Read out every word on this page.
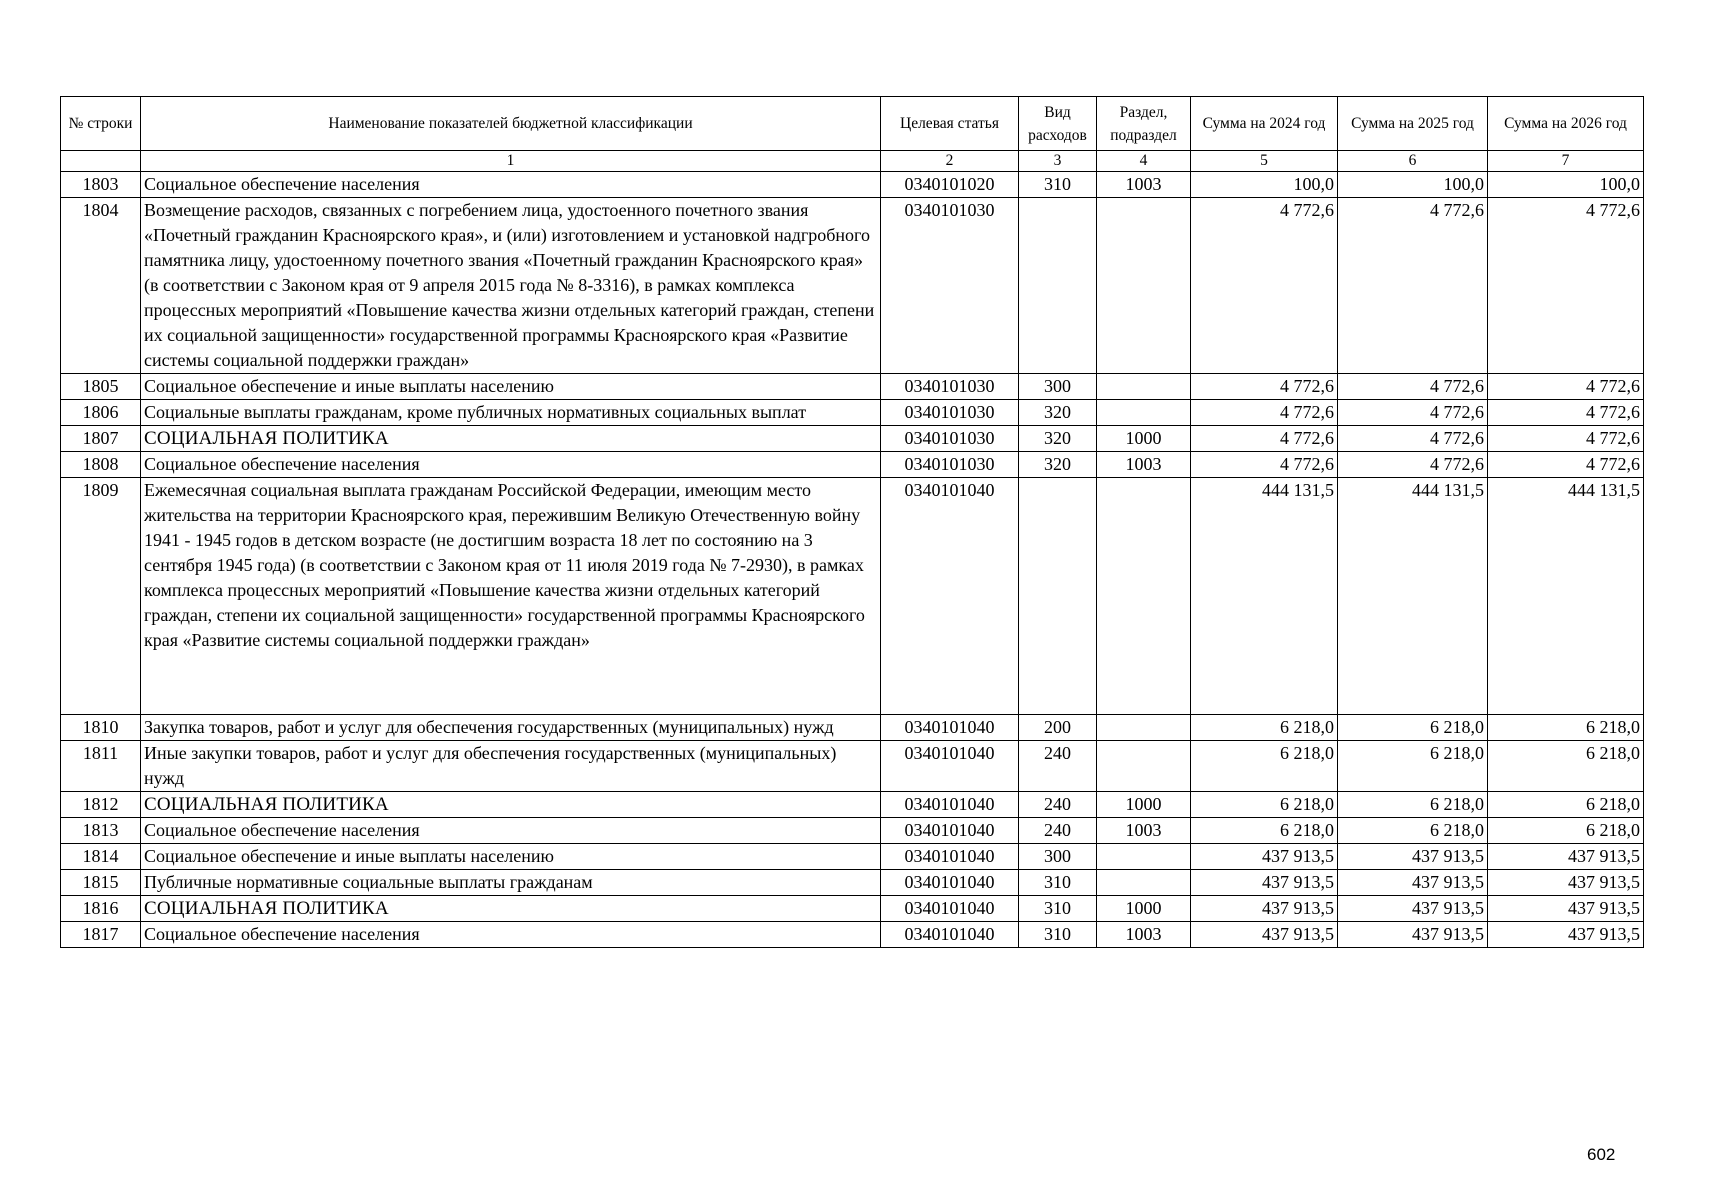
№ строки	Наименование показателей бюджетной классификации	Целевая статья	Вид расходов	Раздел, подраздел	Сумма на 2024 год	Сумма на 2025 год	Сумма на 2026 год
	1	2	3	4	5	6	7
1803	Социальное обеспечение населения	0340101020	310	1003	100,0	100,0	100,0
1804	Возмещение расходов, связанных с погребением лица, удостоенного почетного звания «Почетный гражданин Красноярского края», и (или) изготовлением и установкой надгробного памятника лицу, удостоенному почетного звания «Почетный гражданин Красноярского края» (в соответствии с Законом края от 9 апреля 2015 года № 8-3316), в рамках комплекса процессных мероприятий «Повышение качества жизни отдельных категорий граждан, степени их социальной защищенности» государственной программы Красноярского края «Развитие системы социальной поддержки граждан»	0340101030			4 772,6	4 772,6	4 772,6
1805	Социальное обеспечение и иные выплаты населению	0340101030	300		4 772,6	4 772,6	4 772,6
1806	Социальные выплаты гражданам, кроме публичных нормативных социальных выплат	0340101030	320		4 772,6	4 772,6	4 772,6
1807	СОЦИАЛЬНАЯ ПОЛИТИКА	0340101030	320	1000	4 772,6	4 772,6	4 772,6
1808	Социальное обеспечение населения	0340101030	320	1003	4 772,6	4 772,6	4 772,6
1809	Ежемесячная социальная выплата гражданам Российской Федерации, имеющим место жительства на территории Красноярского края, пережившим Великую Отечественную войну 1941 - 1945 годов в детском возрасте (не достигшим возраста 18 лет по состоянию на 3 сентября 1945 года) (в соответствии с Законом края от 11 июля 2019 года № 7-2930), в рамках комплекса процессных мероприятий «Повышение качества жизни отдельных категорий граждан, степени их социальной защищенности» государственной программы Красноярского края «Развитие системы социальной поддержки граждан»	0340101040			444 131,5	444 131,5	444 131,5
1810	Закупка товаров, работ и услуг для обеспечения государственных (муниципальных) нужд	0340101040	200		6 218,0	6 218,0	6 218,0
1811	Иные закупки товаров, работ и услуг для обеспечения государственных (муниципальных) нужд	0340101040	240		6 218,0	6 218,0	6 218,0
1812	СОЦИАЛЬНАЯ ПОЛИТИКА	0340101040	240	1000	6 218,0	6 218,0	6 218,0
1813	Социальное обеспечение населения	0340101040	240	1003	6 218,0	6 218,0	6 218,0
1814	Социальное обеспечение и иные выплаты населению	0340101040	300		437 913,5	437 913,5	437 913,5
1815	Публичные нормативные социальные выплаты гражданам	0340101040	310		437 913,5	437 913,5	437 913,5
1816	СОЦИАЛЬНАЯ ПОЛИТИКА	0340101040	310	1000	437 913,5	437 913,5	437 913,5
1817	Социальное обеспечение населения	0340101040	310	1003	437 913,5	437 913,5	437 913,5
602
